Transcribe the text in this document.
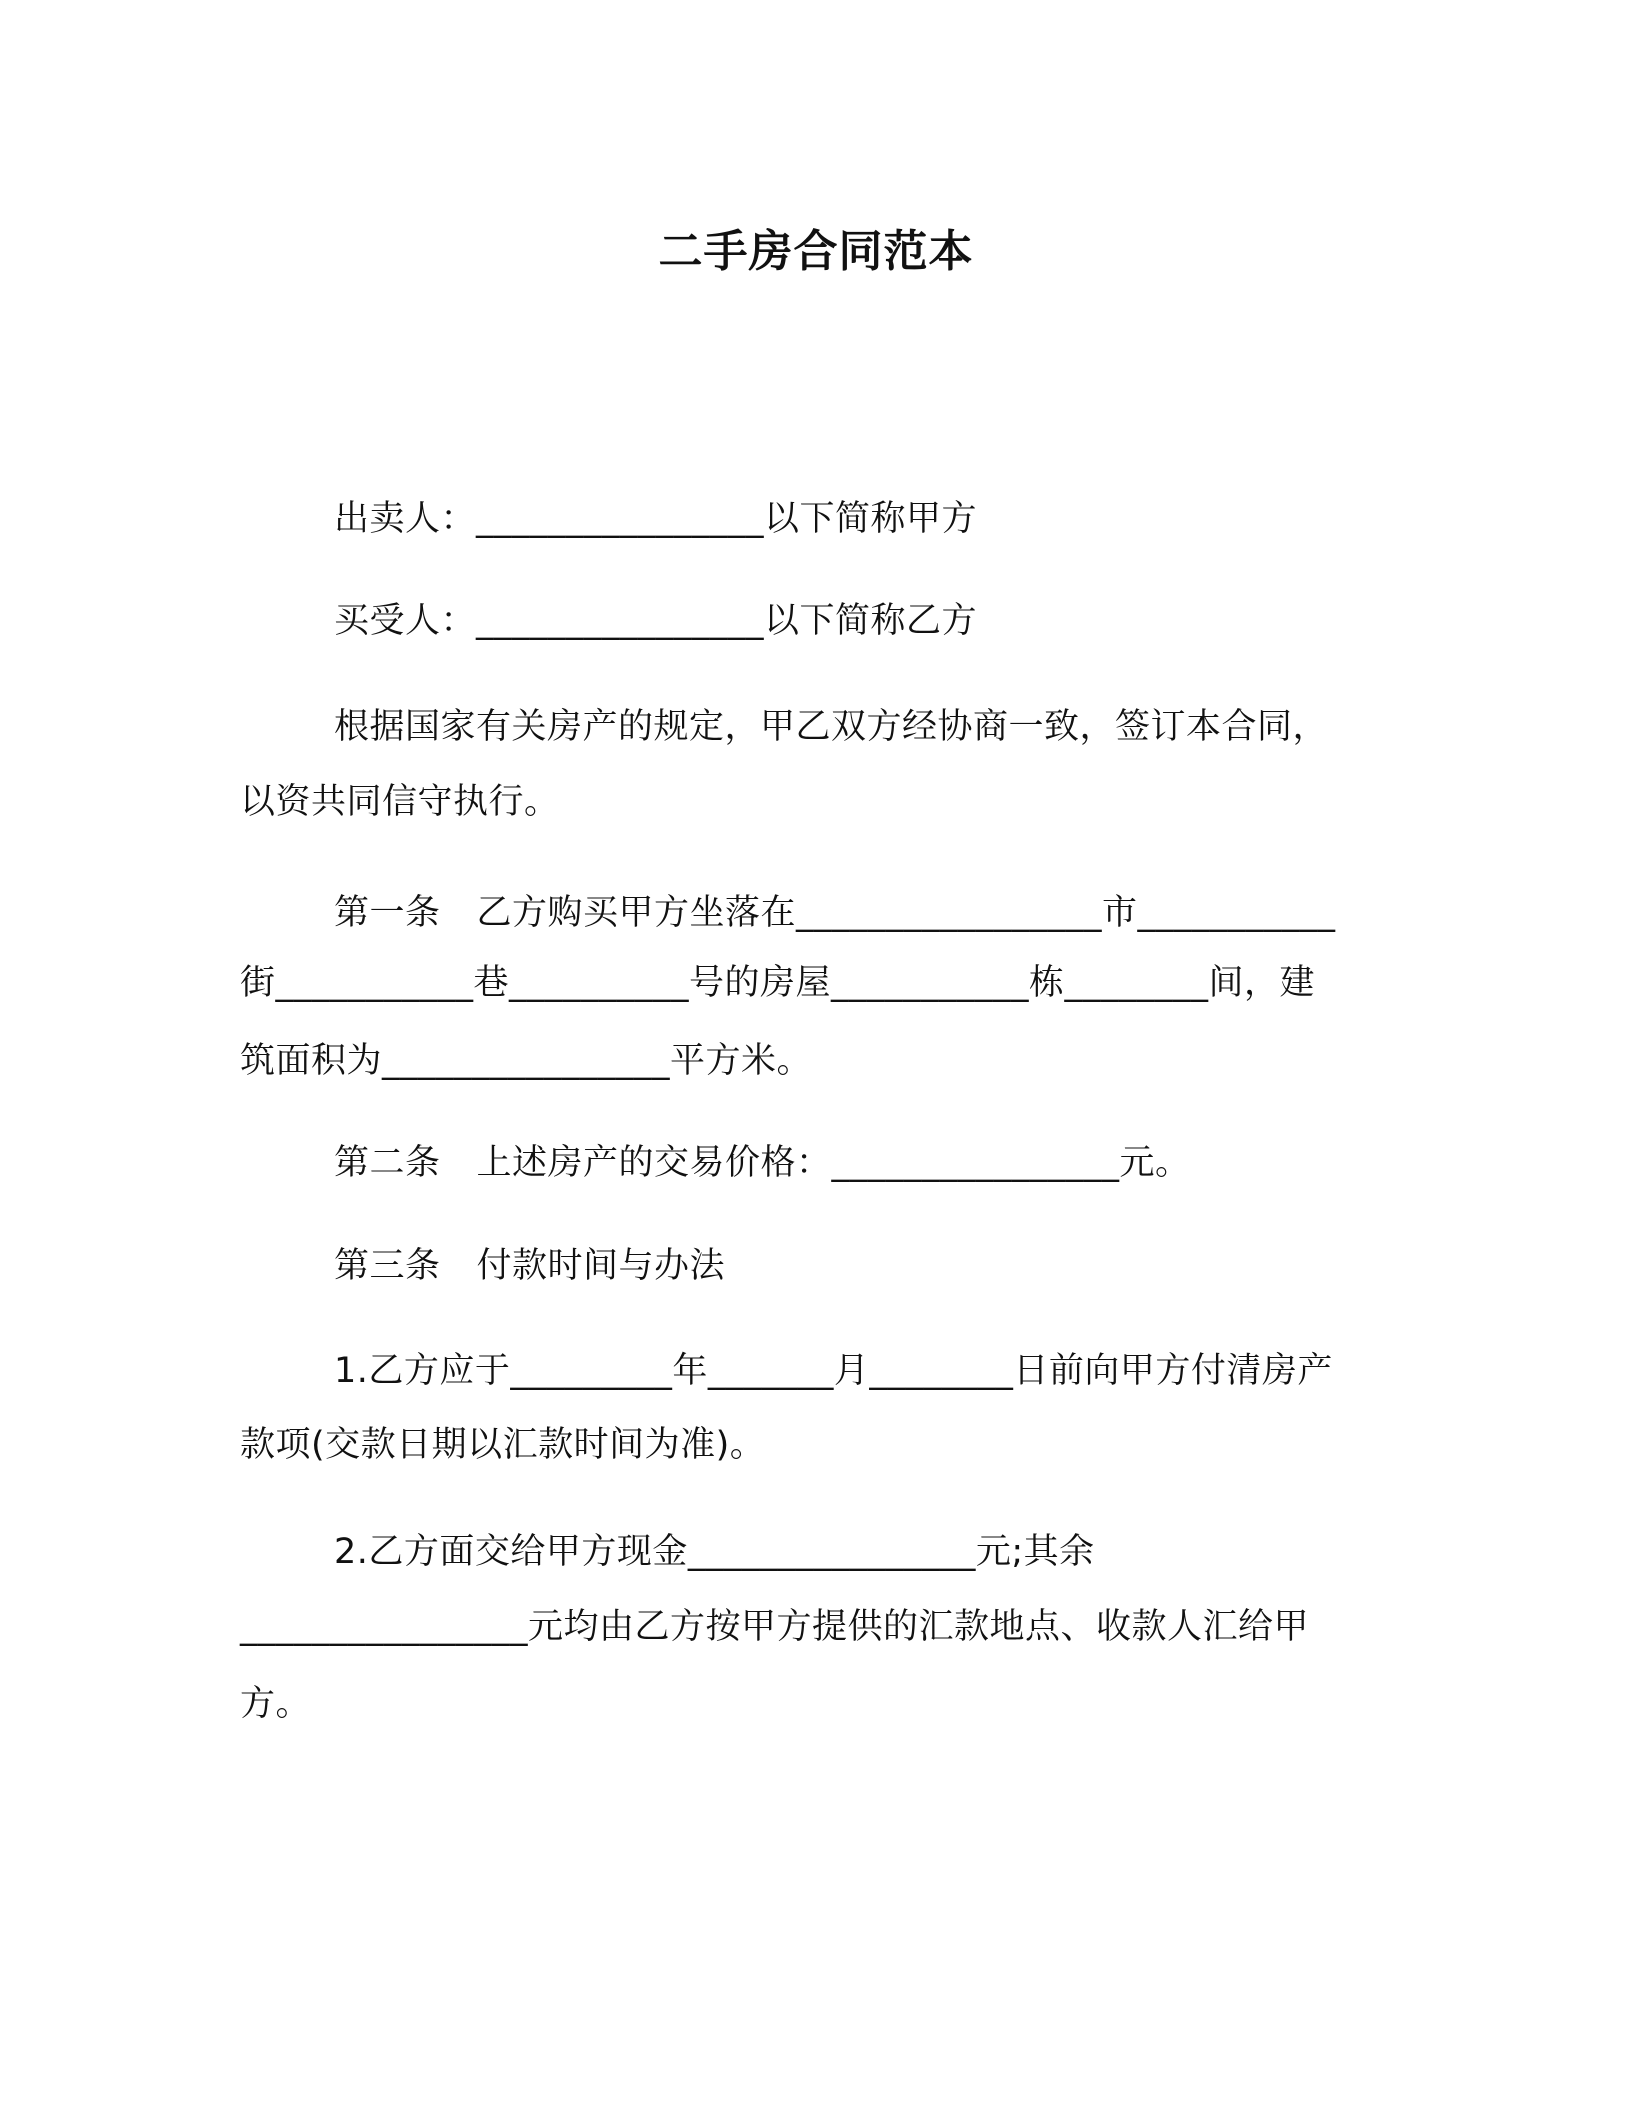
二手房合同范本
出卖人：________________以下简称甲方
买受人：________________以下简称乙方
根据国家有关房产的规定，甲乙双方经协商一致，签订本合同，
以资共同信守执行。
第一条 乙方购买甲方坐落在_________________市___________
街___________巷__________号的房屋___________栋________间，建
筑面积为________________平方米。
第二条 上述房产的交易价格：________________元。
第三条 付款时间与办法
1.乙方应于_________年_______月________日前向甲方付清房产
款项(交款日期以汇款时间为准)。
2.乙方面交给甲方现金________________元;其余
________________元均由乙方按甲方提供的汇款地点、收款人汇给甲
方。
